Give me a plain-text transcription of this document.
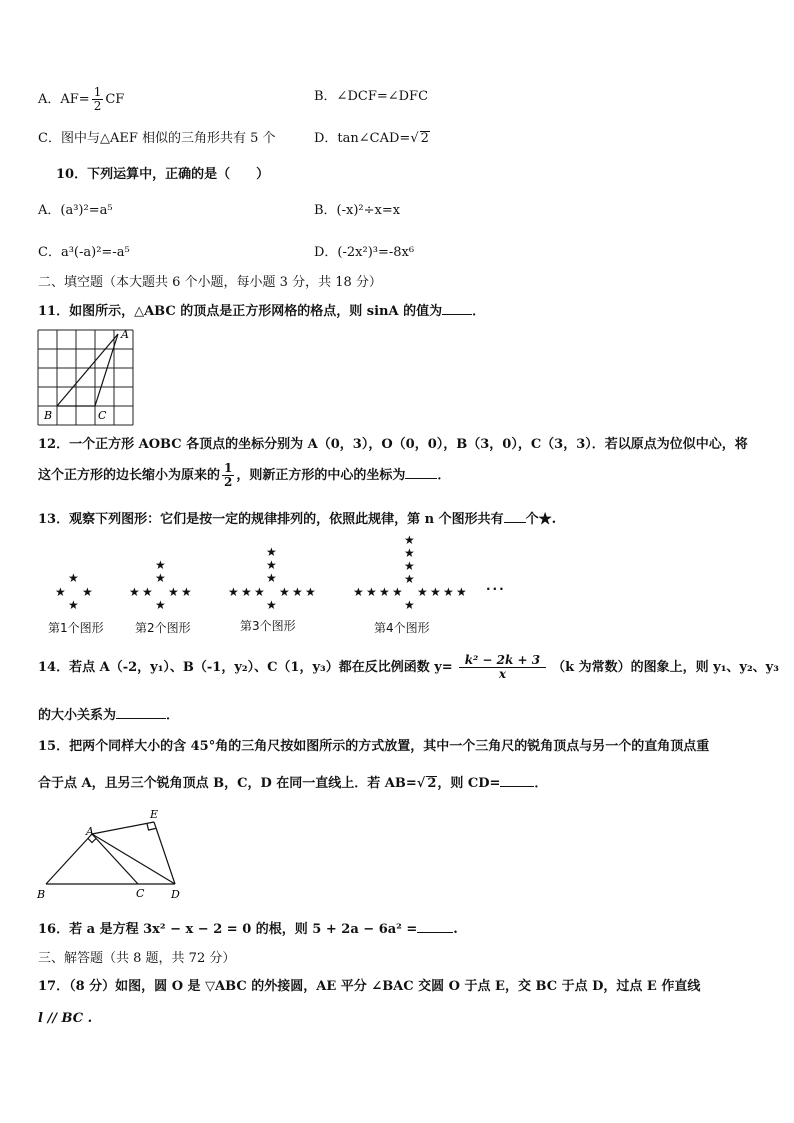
A．$AF= \frac{1}{2}$ CF	B．∠DCF=∠DFC
C．图中与△AEF 相似的三角形共有 5 个	D．tan∠CAD=√ 2
10．下列运算中，正确的是（　　）
A．(a³)²=a⁵	B．(-x)²÷x=x
C．a³(-a)²=-a⁵	D．(-2x²)³=-8x⁶
二、填空题（本大题共 6 个小题，每小题 3 分，共 18 分）
11．如图所示，△ABC 的顶点是正方形网格的格点，则 sinA 的值为 ．
A
B	C
12．一个正方形 AOBC 各顶点的坐标分别为 A（0，3），O（0，0），B（3，0），C（3，3）．若以原点为位似中心，将
这个正方形的边长缩小为原来的 $\frac{1}{2}$ ，则新正方形的中心的坐标为 ．
13．观察下列图形：它们是按一定的规律排列的，依照此规律，第 n 个图形共有 个★.
★
★ ★
★
★
★
★ ★ ★ ★
★
★
★
★
★ ★ ★ ★ ★ ★
★
★
★
★
★
★ ★ ★ ★ ★ ★ ★ ★
★
···
第1个图形	第2个图形	第3个图形	第4个图形
14．若点 A（-2，y₁）、B（-1，y₂）、C（1，y₃）都在反比例函数 $y= \frac{\text{k² − 2k + 3}}{x} (k$ 为常数）的图象上，则 y₁、y₂、y₃
的大小关系为	．
15．把两个同样大小的含 45°角的三角尺按如图所示的方式放置，其中一个三角尺的锐角顶点与另一个的直角顶点重
合于点 A，且另三个锐角顶点 B，C，D 在同一直线上．若 AB=√ 2，则 CD=	．
A
B	C D
E
16．若 a 是方程 3x² − x − 2 = 0 的根，则 5 + 2a − 6a² =	.
三、解答题（共 8 题，共 72 分）
17．（8 分）如图，圆 O 是 ▽ABC 的外接圆，AE 平分 ∠BAC 交圆 O 于点 E，交 BC 于点 D，过点 E 作直线
l // BC .
